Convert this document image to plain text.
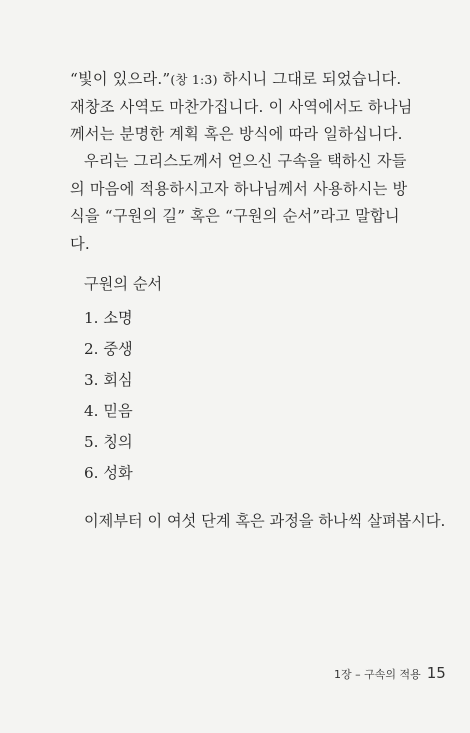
“빛이 있으라.”(창 1:3) 하시니 그대로 되었습니다. 재창조 사역도 마찬가집니다. 이 사역에서도 하나님께서는 분명한 계획 혹은 방식에 따라 일하십니다.

우리는 그리스도께서 얻으신 구속을 택하신 자들의 마음에 적용하시고자 하나님께서 사용하시는 방식을 “구원의 길” 혹은 “구원의 순서”라고 말합니다.

구원의 순서

1. 소명
2. 중생
3. 회심
4. 믿음
5. 칭의
6. 성화

이제부터 이 여섯 단계 혹은 과정을 하나씩 살펴봅시다.

1장 – 구속의 적용 15
